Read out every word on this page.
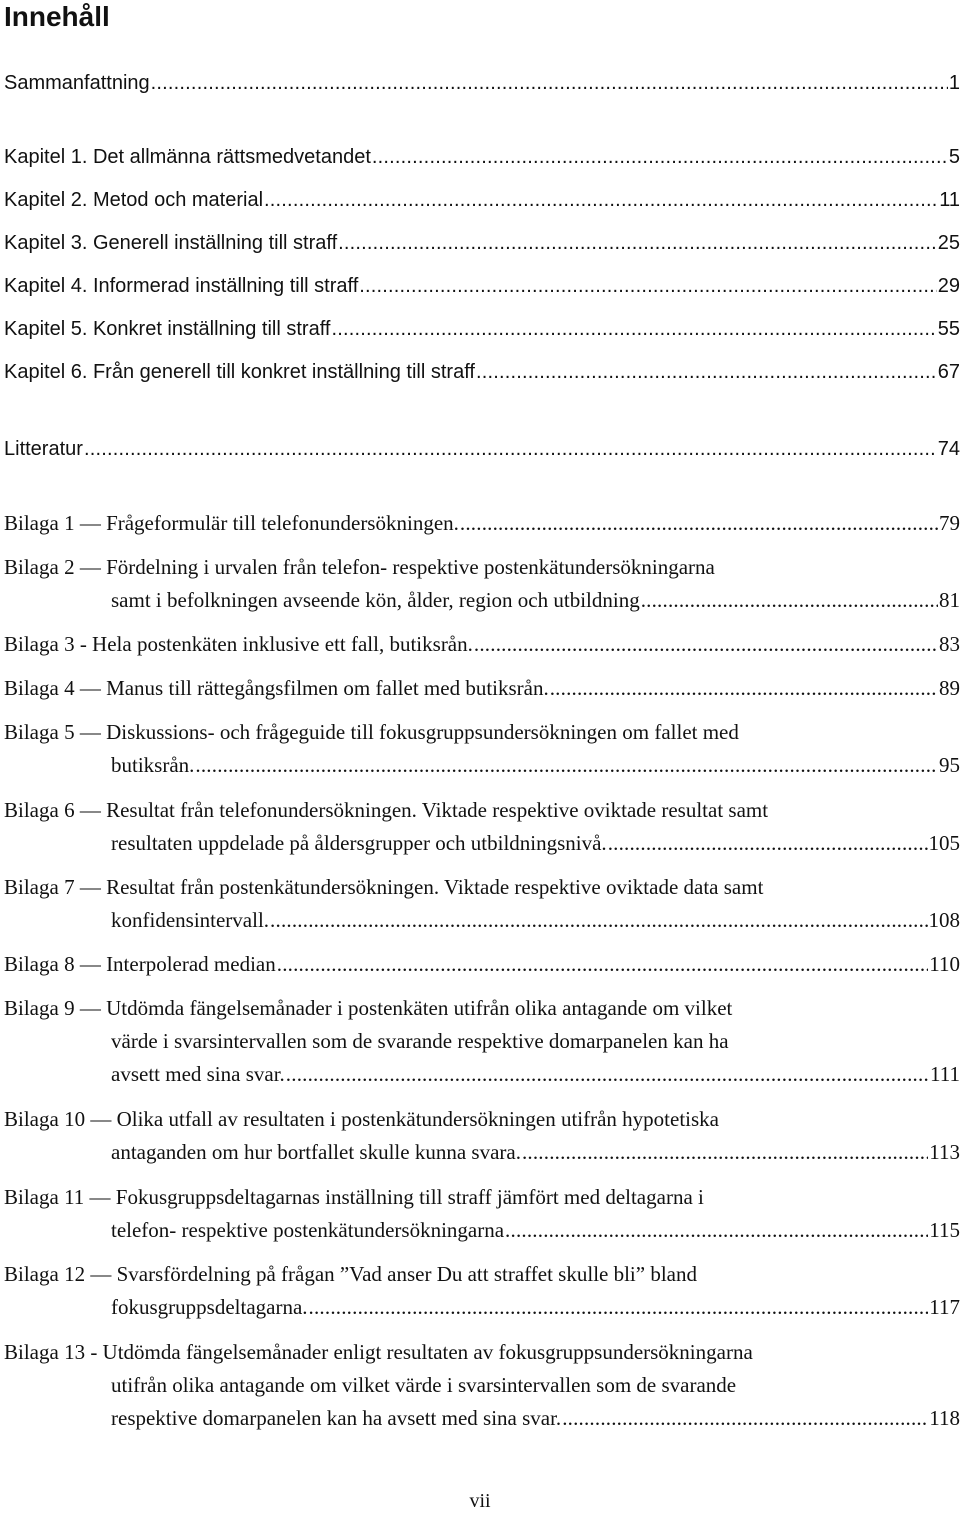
Innehåll
Sammanfattning .....	1
Kapitel 1. Det allmänna rättsmedvetandet .....	5
Kapitel 2. Metod och material .....	11
Kapitel 3. Generell inställning till straff .....	25
Kapitel 4. Informerad inställning till straff .....	29
Kapitel 5. Konkret inställning till straff .....	55
Kapitel 6. Från generell till konkret inställning till straff .....	67
Litteratur .....	74
Bilaga 1 — Frågeformulär till telefonundersökningen. .....	79
Bilaga 2 — Fördelning i urvalen från telefon- respektive postenkätundersökningarna
samt i befolkningen avseende kön, ålder, region och utbildning .....	81
Bilaga 3 - Hela postenkäten inklusive ett fall, butiksrån. .....	83
Bilaga 4 — Manus till rättegångsfilmen om fallet med butiksrån. .....	89
Bilaga 5 — Diskussions- och frågeguide till fokusgruppsundersökningen om fallet med
butiksrån. .....	95
Bilaga 6 — Resultat från telefonundersökningen. Viktade respektive oviktade resultat samt
resultaten uppdelade på åldersgrupper och utbildningsnivå. .....	105
Bilaga 7 — Resultat från postenkätundersökningen. Viktade respektive oviktade data samt
konfidensintervall. .....	108
Bilaga 8 — Interpolerad median .....	110
Bilaga 9 — Utdömda fängelsemånader i postenkäten utifrån olika antagande om vilket
värde i svarsintervallen som de svarande respektive domarpanelen kan ha
avsett med sina svar. .....	111
Bilaga 10 — Olika utfall av resultaten i postenkätundersökningen utifrån hypotetiska
antaganden om hur bortfallet skulle kunna svara. .....	113
Bilaga 11 — Fokusgruppsdeltagarnas inställning till straff jämfört med deltagarna i
telefon- respektive postenkätundersökningarna .....	115
Bilaga 12 — Svarsfördelning på frågan ”Vad anser Du att straffet skulle bli” bland
fokusgruppsdeltagarna. .....	117
Bilaga 13 - Utdömda fängelsemånader enligt resultaten av fokusgruppsundersökningarna
utifrån olika antagande om vilket värde i svarsintervallen som de svarande
respektive domarpanelen kan ha avsett med sina svar. .....	118
vii
